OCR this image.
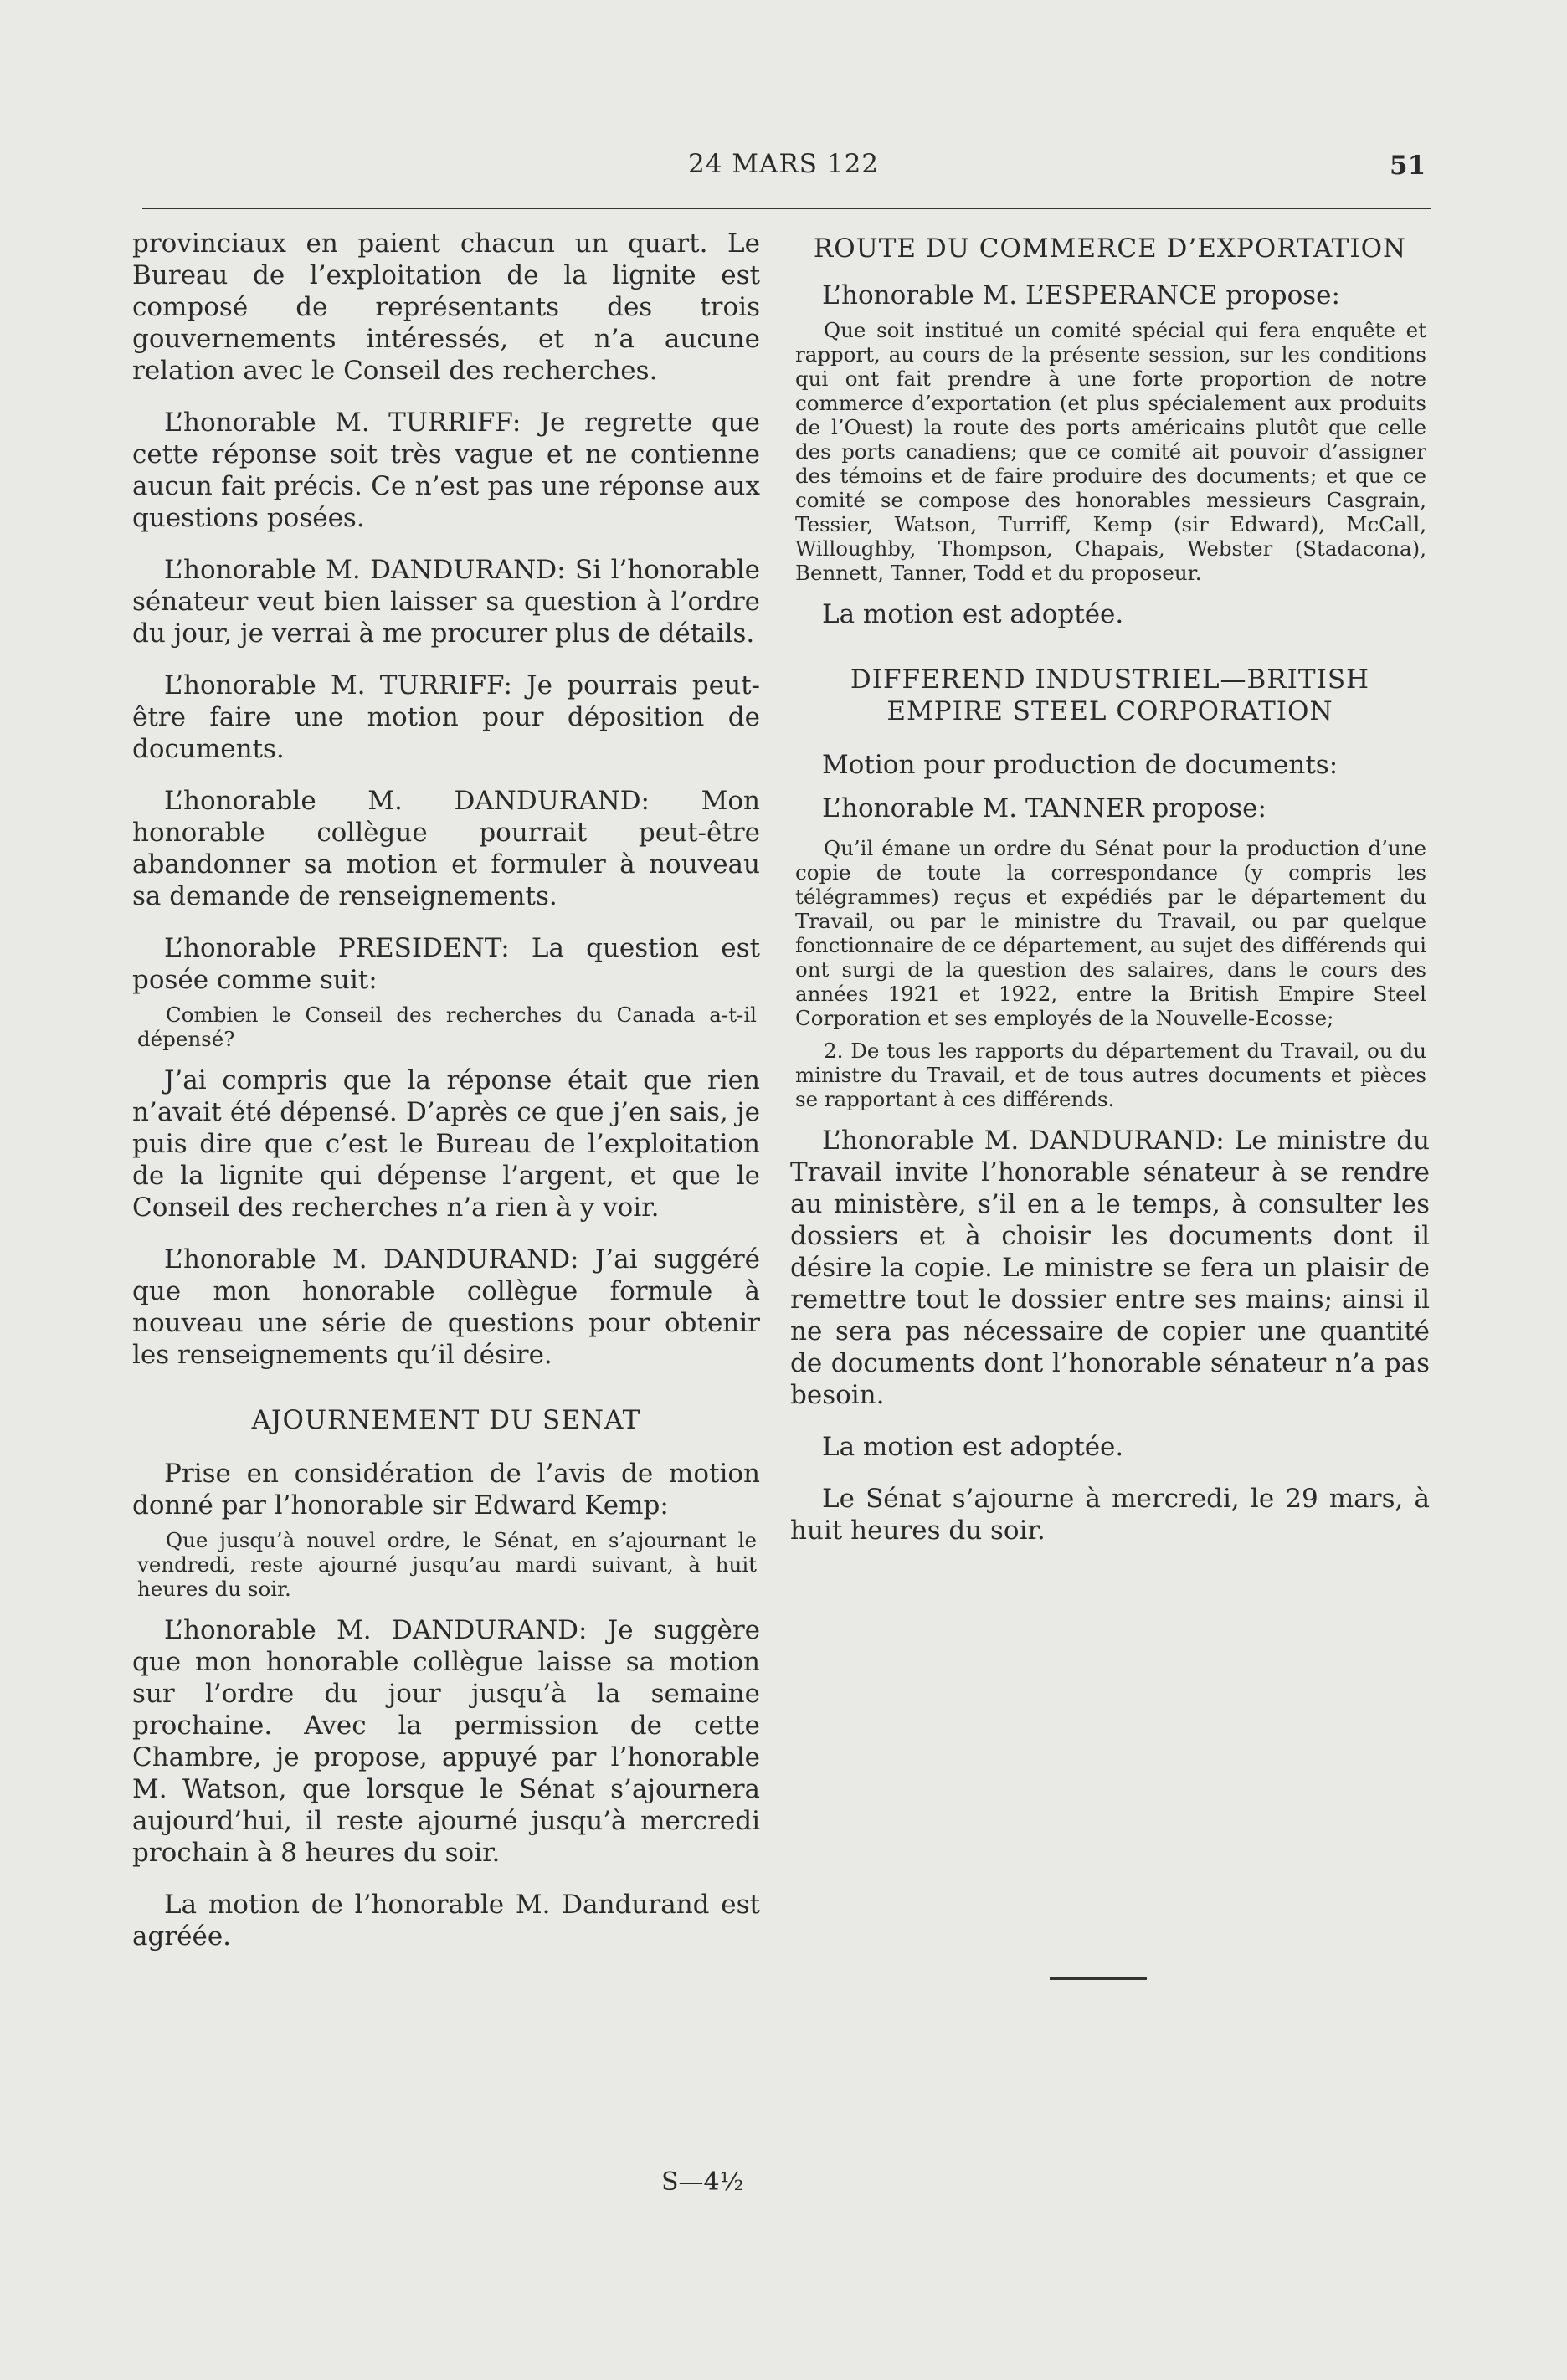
24 MARS 122	51

provinciaux en paient chacun un quart. Le Bureau de l’exploitation de la lignite est composé de représentants des trois gouvernements intéressés, et n’a aucune relation avec le Conseil des recherches.

L’honorable M. TURRIFF: Je regrette que cette réponse soit très vague et ne contienne aucun fait précis. Ce n’est pas une réponse aux questions posées.

L’honorable M. DANDURAND: Si l’honorable sénateur veut bien laisser sa question à l’ordre du jour, je verrai à me procurer plus de détails.

L’honorable M. TURRIFF: Je pourrais peut-être faire une motion pour déposition de documents.

L’honorable M. DANDURAND: Mon honorable collègue pourrait peut-être abandonner sa motion et formuler à nouveau sa demande de renseignements.

L’honorable PRESIDENT: La question est posée comme suit:

Combien le Conseil des recherches du Canada a-t-il dépensé?

J’ai compris que la réponse était que rien n’avait été dépensé. D’après ce que j’en sais, je puis dire que c’est le Bureau de l’exploitation de la lignite qui dépense l’argent, et que le Conseil des recherches n’a rien à y voir.

L’honorable M. DANDURAND: J’ai suggéré que mon honorable collègue formule à nouveau une série de questions pour obtenir les renseignements qu’il désire.

AJOURNEMENT DU SENAT

Prise en considération de l’avis de motion donné par l’honorable sir Edward Kemp:

Que jusqu’à nouvel ordre, le Sénat, en s’ajournant le vendredi, reste ajourné jusqu’au mardi suivant, à huit heures du soir.

L’honorable M. DANDURAND: Je suggère que mon honorable collègue laisse sa motion sur l’ordre du jour jusqu’à la semaine prochaine. Avec la permission de cette Chambre, je propose, appuyé par l’honorable M. Watson, que lorsque le Sénat s’ajournera aujourd’hui, il reste ajourné jusqu’à mercredi prochain à 8 heures du soir.

La motion de l’honorable M. Dandurand est agréée.

ROUTE DU COMMERCE D’EXPORTATION

L’honorable M. L’ESPERANCE propose:

Que soit institué un comité spécial qui fera enquête et rapport, au cours de la présente session, sur les conditions qui ont fait prendre à une forte proportion de notre commerce d’exportation (et plus spécialement aux produits de l’Ouest) la route des ports américains plutôt que celle des ports canadiens; que ce comité ait pouvoir d’assigner des témoins et de faire produire des documents; et que ce comité se compose des honorables messieurs Casgrain, Tessier, Watson, Turriff, Kemp (sir Edward), McCall, Willoughby, Thompson, Chapais, Webster (Stadacona), Bennett, Tanner, Todd et du proposeur.

La motion est adoptée.

DIFFEREND INDUSTRIEL—BRITISH EMPIRE STEEL CORPORATION

Motion pour production de documents:

L’honorable M. TANNER propose:

Qu’il émane un ordre du Sénat pour la production d’une copie de toute la correspondance (y compris les télégrammes) reçus et expédiés par le département du Travail, ou par le ministre du Travail, ou par quelque fonctionnaire de ce département, au sujet des différends qui ont surgi de la question des salaires, dans le cours des années 1921 et 1922, entre la British Empire Steel Corporation et ses employés de la Nouvelle-Ecosse;

2. De tous les rapports du département du Travail, ou du ministre du Travail, et de tous autres documents et pièces se rapportant à ces différends.

L’honorable M. DANDURAND: Le ministre du Travail invite l’honorable sénateur à se rendre au ministère, s’il en a le temps, à consulter les dossiers et à choisir les documents dont il désire la copie. Le ministre se fera un plaisir de remettre tout le dossier entre ses mains; ainsi il ne sera pas nécessaire de copier une quantité de documents dont l’honorable sénateur n’a pas besoin.

La motion est adoptée.

Le Sénat s’ajourne à mercredi, le 29 mars, à huit heures du soir.

S—4½
